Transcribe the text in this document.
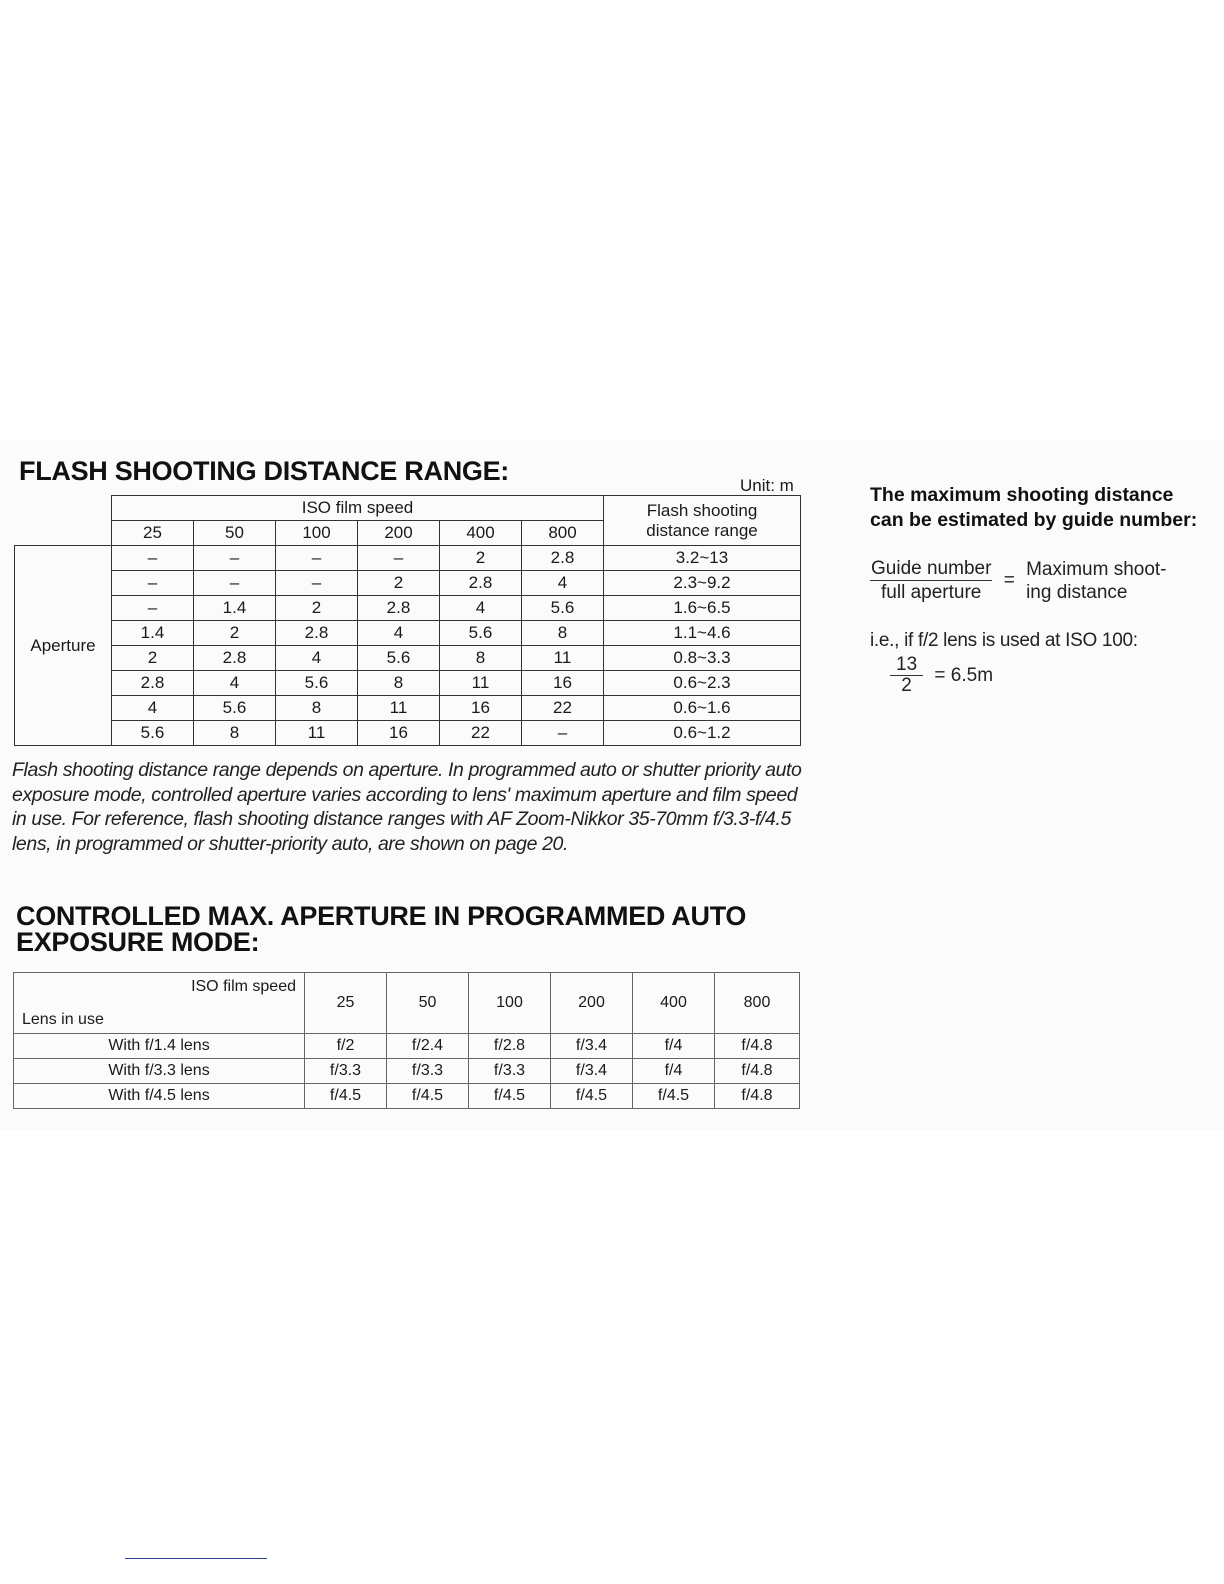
FLASH SHOOTING DISTANCE RANGE:	Unit: m
	ISO film speed						Flash shooting
distance range
	25	50	100	200	400	800	
Aperture	–	–	–	–	2	2.8	3.2~13
	–	–	–	2	2.8	4	2.3~9.2
	–	1.4	2	2.8	4	5.6	1.6~6.5
	1.4	2	2.8	4	5.6	8	1.1~4.6
	2	2.8	4	5.6	8	11	0.8~3.3
	2.8	4	5.6	8	11	16	0.6~2.3
	4	5.6	8	11	16	22	0.6~1.6
	5.6	8	11	16	22	–	0.6~1.2
Flash shooting distance range depends on aperture. In programmed auto or shutter priority auto exposure mode, controlled aperture varies according to lens' maximum aperture and film speed in use. For reference, flash shooting distance ranges with AF Zoom-Nikkor 35-70mm f/3.3-f/4.5 lens, in programmed or shutter-priority auto, are shown on page 20.
CONTROLLED MAX. APERTURE IN PROGRAMMED AUTO
EXPOSURE MODE:
ISO film speed
Lens in use	25	50	100	200	400	800
With f/1.4 lens	f/2	f/2.4	f/2.8	f/3.4	f/4	f/4.8
With f/3.3 lens	f/3.3	f/3.3	f/3.3	f/3.4	f/4	f/4.8
With f/4.5 lens	f/4.5	f/4.5	f/4.5	f/4.5	f/4.5	f/4.8
The maximum shooting distance can be estimated by guide number:
$\frac{\text{Guide number}}{\text{full aperture}}$ =
Maximum shoot-
ing distance
i.e., if f/2 lens is used at ISO 100:
$\frac{13}{2} = 6.5m$
